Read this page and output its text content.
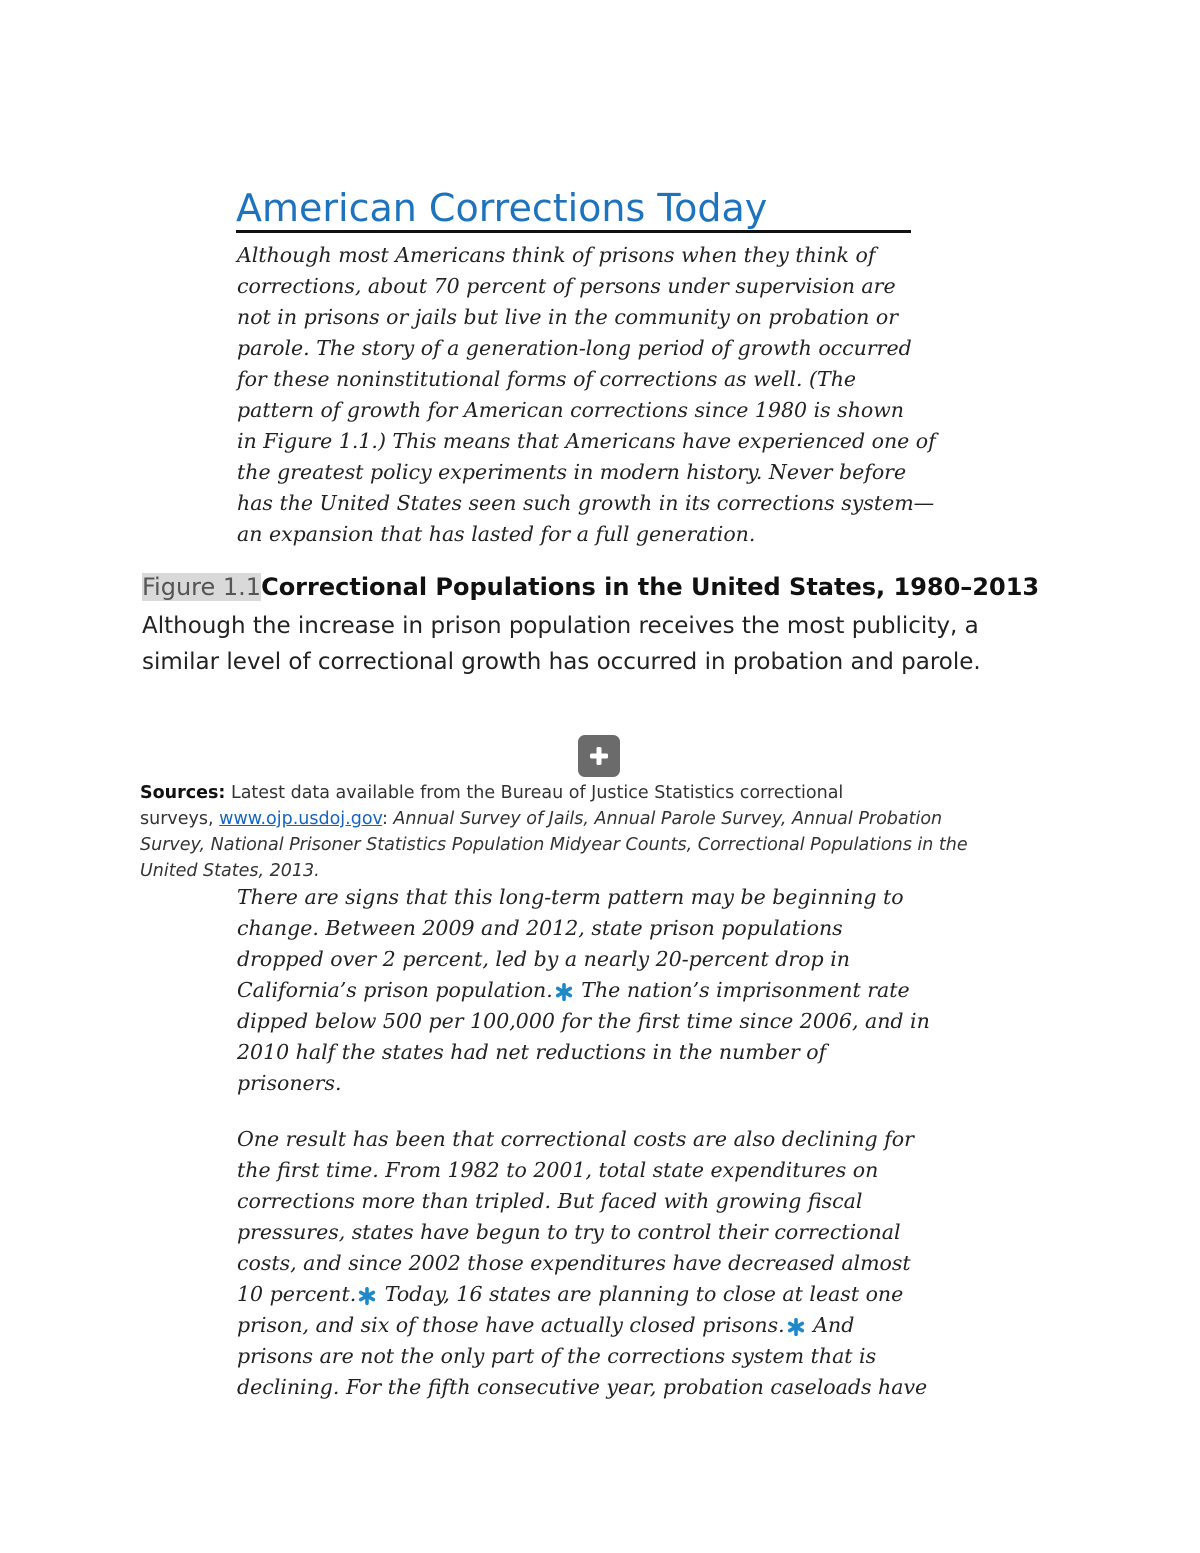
American Corrections Today
Although most Americans think of prisons when they think of
corrections, about 70 percent of persons under supervision are
not in prisons or jails but live in the community on probation or
parole. The story of a generation-long period of growth occurred
for these noninstitutional forms of corrections as well. (The
pattern of growth for American corrections since 1980 is shown
in Figure 1.1.) This means that Americans have experienced one of
the greatest policy experiments in modern history. Never before
has the United States seen such growth in its corrections system—
an expansion that has lasted for a full generation.
Figure 1.1Correctional Populations in the United States, 1980–2013
Although the increase in prison population receives the most publicity, a
similar level of correctional growth has occurred in probation and parole.
Sources: Latest data available from the Bureau of Justice Statistics correctional
surveys, www.ojp.usdoj.gov: Annual Survey of Jails, Annual Parole Survey, Annual Probation
Survey, National Prisoner Statistics Population Midyear Counts, Correctional Populations in the
United States, 2013.
There are signs that this long-term pattern may be beginning to
change. Between 2009 and 2012, state prison populations
dropped over 2 percent, led by a nearly 20-percent drop in
California’s prison population. The nation’s imprisonment rate
dipped below 500 per 100,000 for the first time since 2006, and in
2010 half the states had net reductions in the number of
prisoners.
One result has been that correctional costs are also declining for
the first time. From 1982 to 2001, total state expenditures on
corrections more than tripled. But faced with growing fiscal
pressures, states have begun to try to control their correctional
costs, and since 2002 those expenditures have decreased almost
10 percent. Today, 16 states are planning to close at least one
prison, and six of those have actually closed prisons. And
prisons are not the only part of the corrections system that is
declining. For the fifth consecutive year, probation caseloads have
